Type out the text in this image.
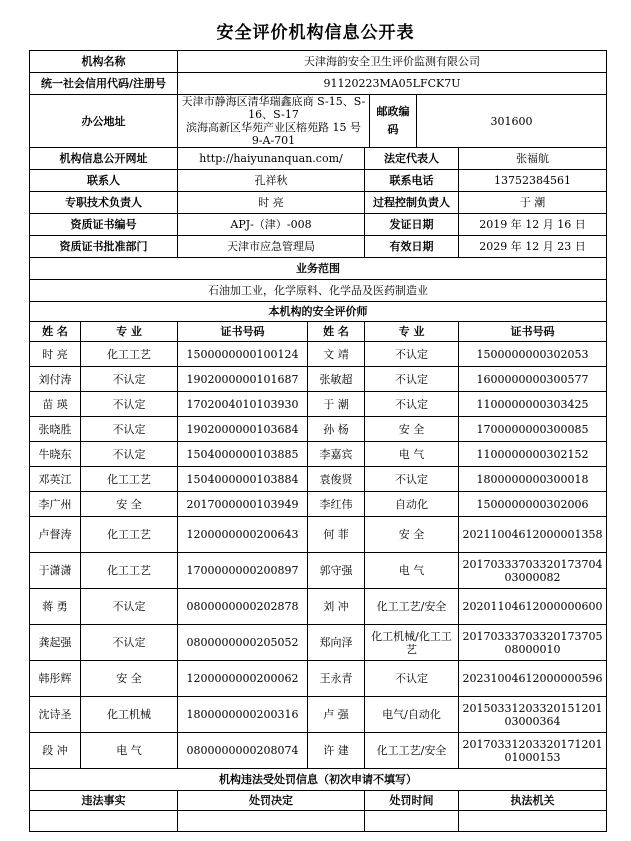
安全评价机构信息公开表
机构名称		天津海韵安全卫生评价监测有限公司					
统一社会信用代码/注册号		91120223MA05LFCK7U					
办公地址		天津市静海区清华瑞鑫底商 S-15、S-16、S-17
滨海高新区华苑产业区榕苑路 15 号 9-A-701			邮政编码	301600	
机构信息公开网址		http://haiyunanquan.com/		法定代表人			张福航
联系人		孔祥秋		联系电话			13752384561
专职技术负责人		时 亮		过程控制负责人			于 潮
资质证书编号		APJ-（津）-008		发证日期			2019 年 12 月 16 日
资质证书批准部门		天津市应急管理局		有效日期			2029 年 12 月 23 日
业务范围							
石油加工业，化学原料、化学品及医药制造业							
本机构的安全评价师							
姓 名	专 业	证书号码	姓 名	专 业			证书号码
时 亮	化工工艺	1500000000100124	文 靖	不认定			1500000000302053
刘付涛	不认定	1902000000101687	张敏超	不认定			1600000000300577
苗 瑛	不认定	1702004010103930	于 潮	不认定			1100000000303425
张晓胜	不认定	1902000000103684	孙 杨	安 全			1700000000300085
牛晓东	不认定	1504000000103885	李嘉宾	电 气			1100000000302152
邓英江	化工工艺	1504000000103884	袁俊贤	不认定			1800000000300018
李广州	安 全	2017000000103949	李红伟	自动化			1500000000302006
卢督涛	化工工艺	1200000000200643	何 菲	安 全			20211004612000001358
于潇潇	化工工艺	1700000000200897	郭守强	电 气			2017033370332017370403000082
蒋 勇	不认定	0800000000202878	刘 冲	化工工艺/安全			20201104612000000600
龚起强	不认定	0800000000205052	郑向泽	化工机械/化工工艺			2017033370332017370508000010
韩彤辉	安 全	1200000000200062	王永青	不认定			20231004612000000596
沈诗圣	化工机械	1800000000200316	卢 强	电气/自动化			2015033120332015120103000364
段 冲	电 气	0800000000208074	许 建	化工工艺/安全			2017033120332017120101000153
机构违法受处罚信息（初次申请不填写）							
违法事实		处罚决定		处罚时间			执法机关
